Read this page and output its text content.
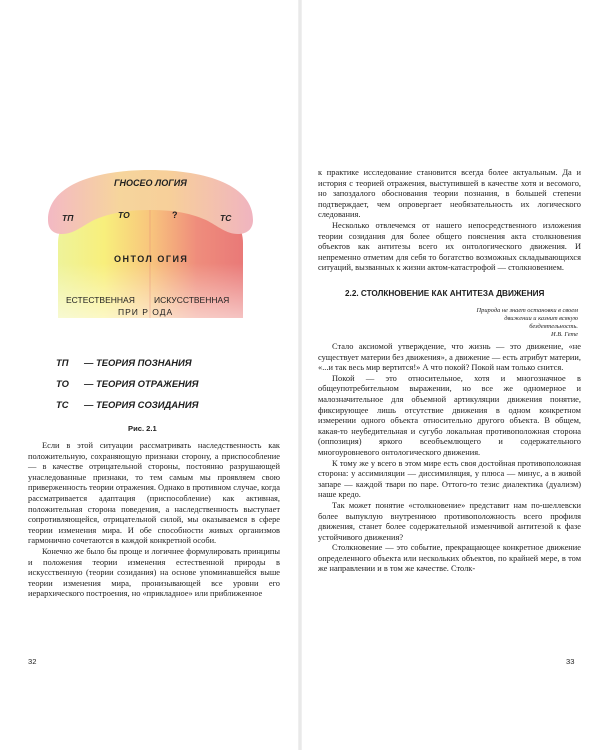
ГНОСЕО ЛОГИЯ
ТП	ТО	?	ТС
ОНТОЛ ОГИЯ
ЕСТЕСТВЕННАЯ ИСКУССТВЕННАЯ
ПРИ Р ОДА
ТП — ТЕОРИЯ ПОЗНАНИЯ
ТО — ТЕОРИЯ ОТРАЖЕНИЯ
ТС — ТЕОРИЯ СОЗИДАНИЯ
Рис. 2.1

Если в этой ситуации рассматривать наследственность как положительную, сохраняющую признаки сторону, а приспособление — в качестве отрицательной стороны, постоянно разрушающей унаследованные признаки, то тем самым мы проявляем свою приверженность теории отражения. Однако в противном случае, когда рассматривается адаптация (приспособление) как активная, положительная сторона поведения, а наследственность выступает сопротивляющейся, отрицательной силой, мы оказываемся в сфере теории изменения мира. И обе способности живых организмов гармонично сочетаются в каждой конкретной особи.

Конечно же было бы проще и логичнее формулировать принципы и положения теории изменения естественной природы в искусственную (теории созидания) на основе упоминавшейся выше теории изменения мира, пронизывающей все уровни его иерархического построения, но «прикладное» или приближенное

32

к практике исследование становится всегда более актуальным. Да и история с теорией отражения, выступившей в качестве хотя и весомого, но запоздалого обоснования теории познания, в большей степени подтверждает, чем опровергает необязательность их логического следования.

Несколько отвлечемся от нашего непосредственного изложения теории созидания для более общего пояснения акта столкновения объектов как антитезы всего их онтологического движения. И непременно отметим для себя то богатство возможных складывающихся ситуаций, вызванных к жизни актом-катастрофой — столкновением.

2.2. СТОЛКНОВЕНИЕ КАК АНТИТЕЗА ДВИЖЕНИЯ
Природа не знает остановки в своем движении и казнит всякую бездеятельность.
И.В. Гете

Стало аксиомой утверждение, что жизнь — это движение, «не существует материи без движения», а движение — есть атрибут материи, «...и так весь мир вертится!» А что покой? Покой нам только снится.

Покой — это относительное, хотя и многозначное в общеупотребительном выражении, но все же одномерное и малозначительное для объемной артикуляции движения понятие, фиксирующее лишь отсутствие движения в одном конкретном измерении одного объекта относительно другого объекта. В общем, какая-то неубедительная и сугубо локальная противоположная сторона (оппозиция) яркого всеобъемлющего и содержательного многоуровневого онтологического движения.

К тому же у всего в этом мире есть своя достойная противоположная сторона: у ассимиляции — диссимиляция, у плюса — минус, а в живой запаре — каждой твари по паре. Оттого-то тезис диалектика (дуализм) наше кредо.

Так может понятие «столкновение» представит нам по-шеллевски более выпуклую внутреннюю противоположность всего профиля движения, станет более содержательной изменчивой антитезой к фазе устойчивого движения?

Столкновение — это событие, прекращающее конкретное движение определенного объекта или нескольких объектов, по крайней мере, в том же направлении и в том же качестве. Столк-

33
